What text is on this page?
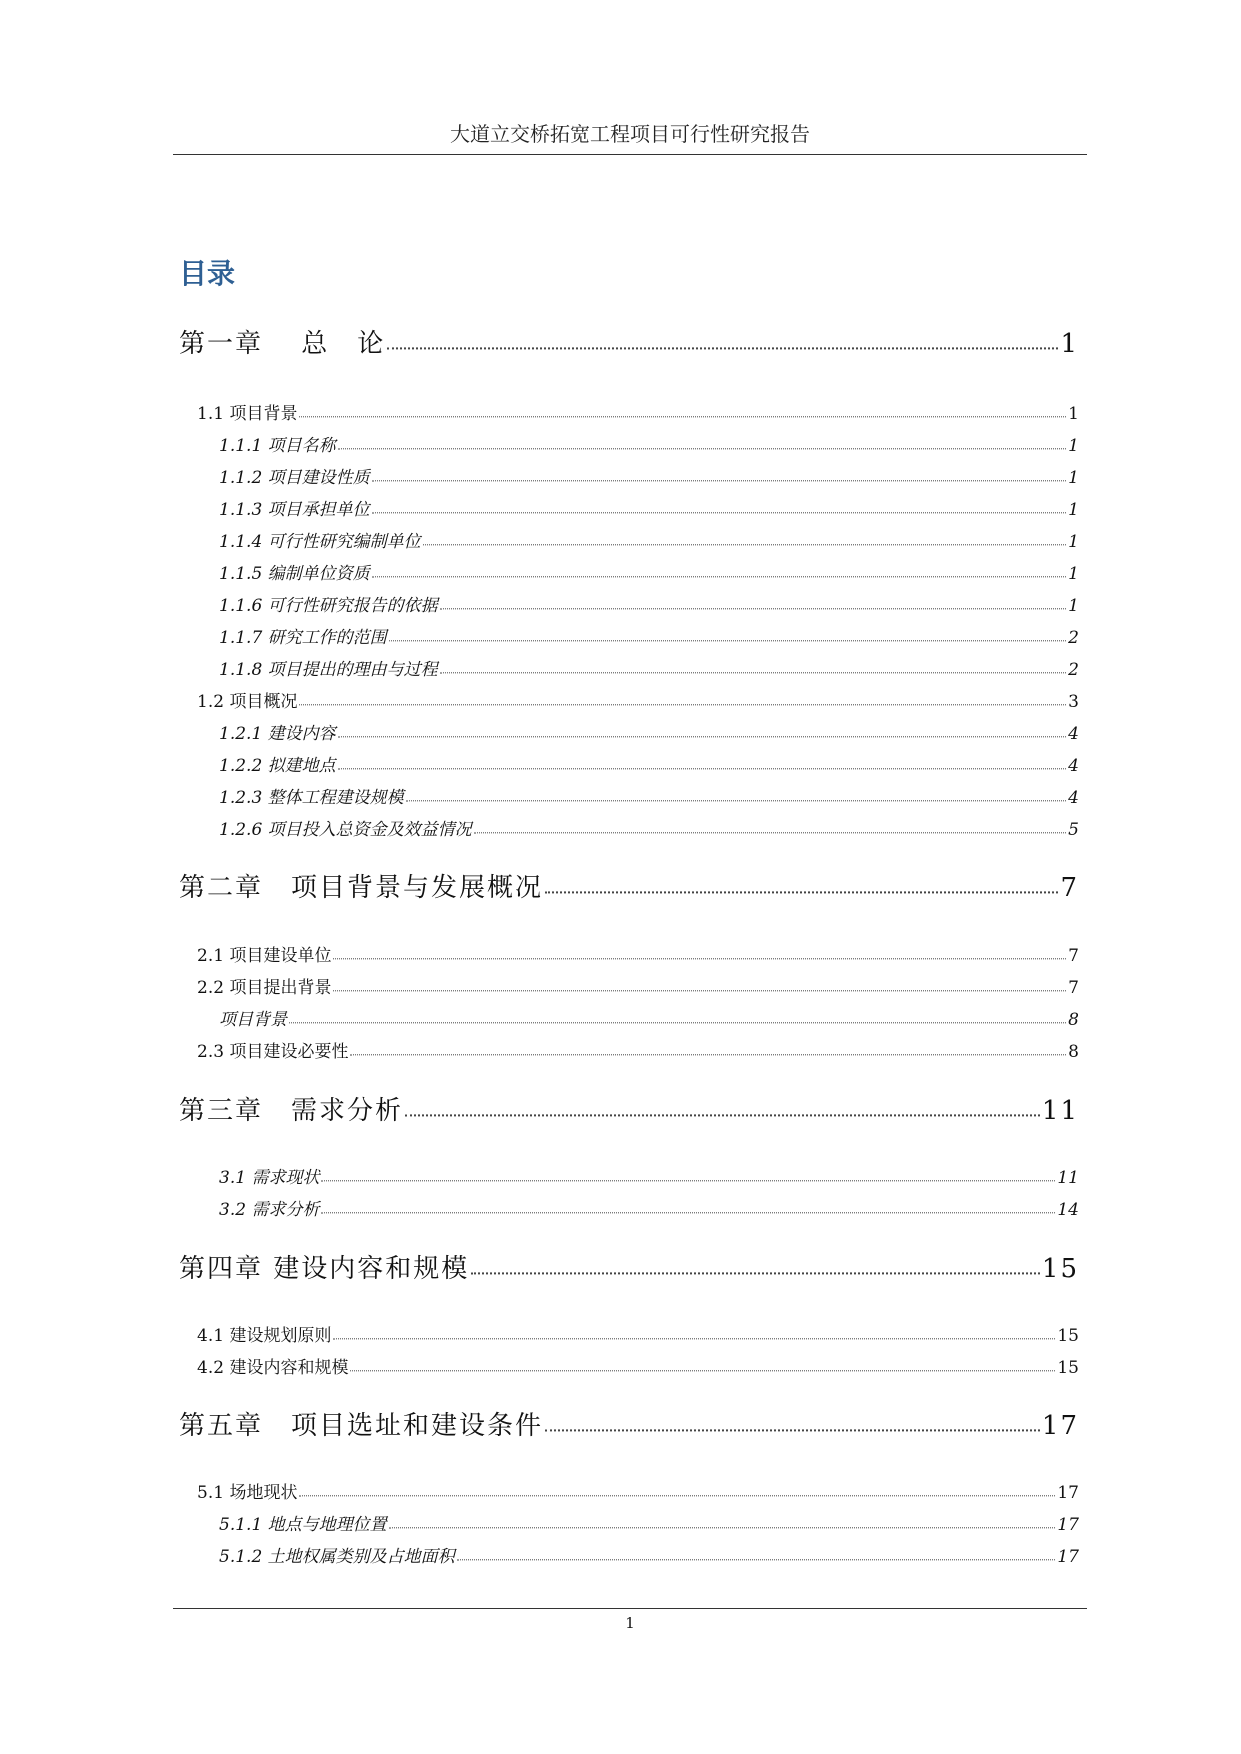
大道立交桥拓宽工程项目可行性研究报告
目录
第一章　 总　论	1
1.1 项目背景	1
1.1.1 项目名称	1
1.1.2 项目建设性质	1
1.1.3 项目承担单位	1
1.1.4 可行性研究编制单位	1
1.1.5 编制单位资质	1
1.1.6 可行性研究报告的依据	1
1.1.7 研究工作的范围	2
1.1.8 项目提出的理由与过程	2
1.2 项目概况	3
1.2.1 建设内容	4
1.2.2 拟建地点	4
1.2.3 整体工程建设规模	4
1.2.6 项目投入总资金及效益情况	5
第二章　项目背景与发展概况	7
2.1 项目建设单位	7
2.2 项目提出背景	7
项目背景	8
2.3 项目建设必要性	8
第三章　需求分析	11
3.1 需求现状	11
3.2 需求分析	14
第四章 建设内容和规模	15
4.1 建设规划原则	15
4.2 建设内容和规模	15
第五章　项目选址和建设条件	17
5.1 场地现状	17
5.1.1 地点与地理位置	17
5.1.2 土地权属类别及占地面积	17
1
